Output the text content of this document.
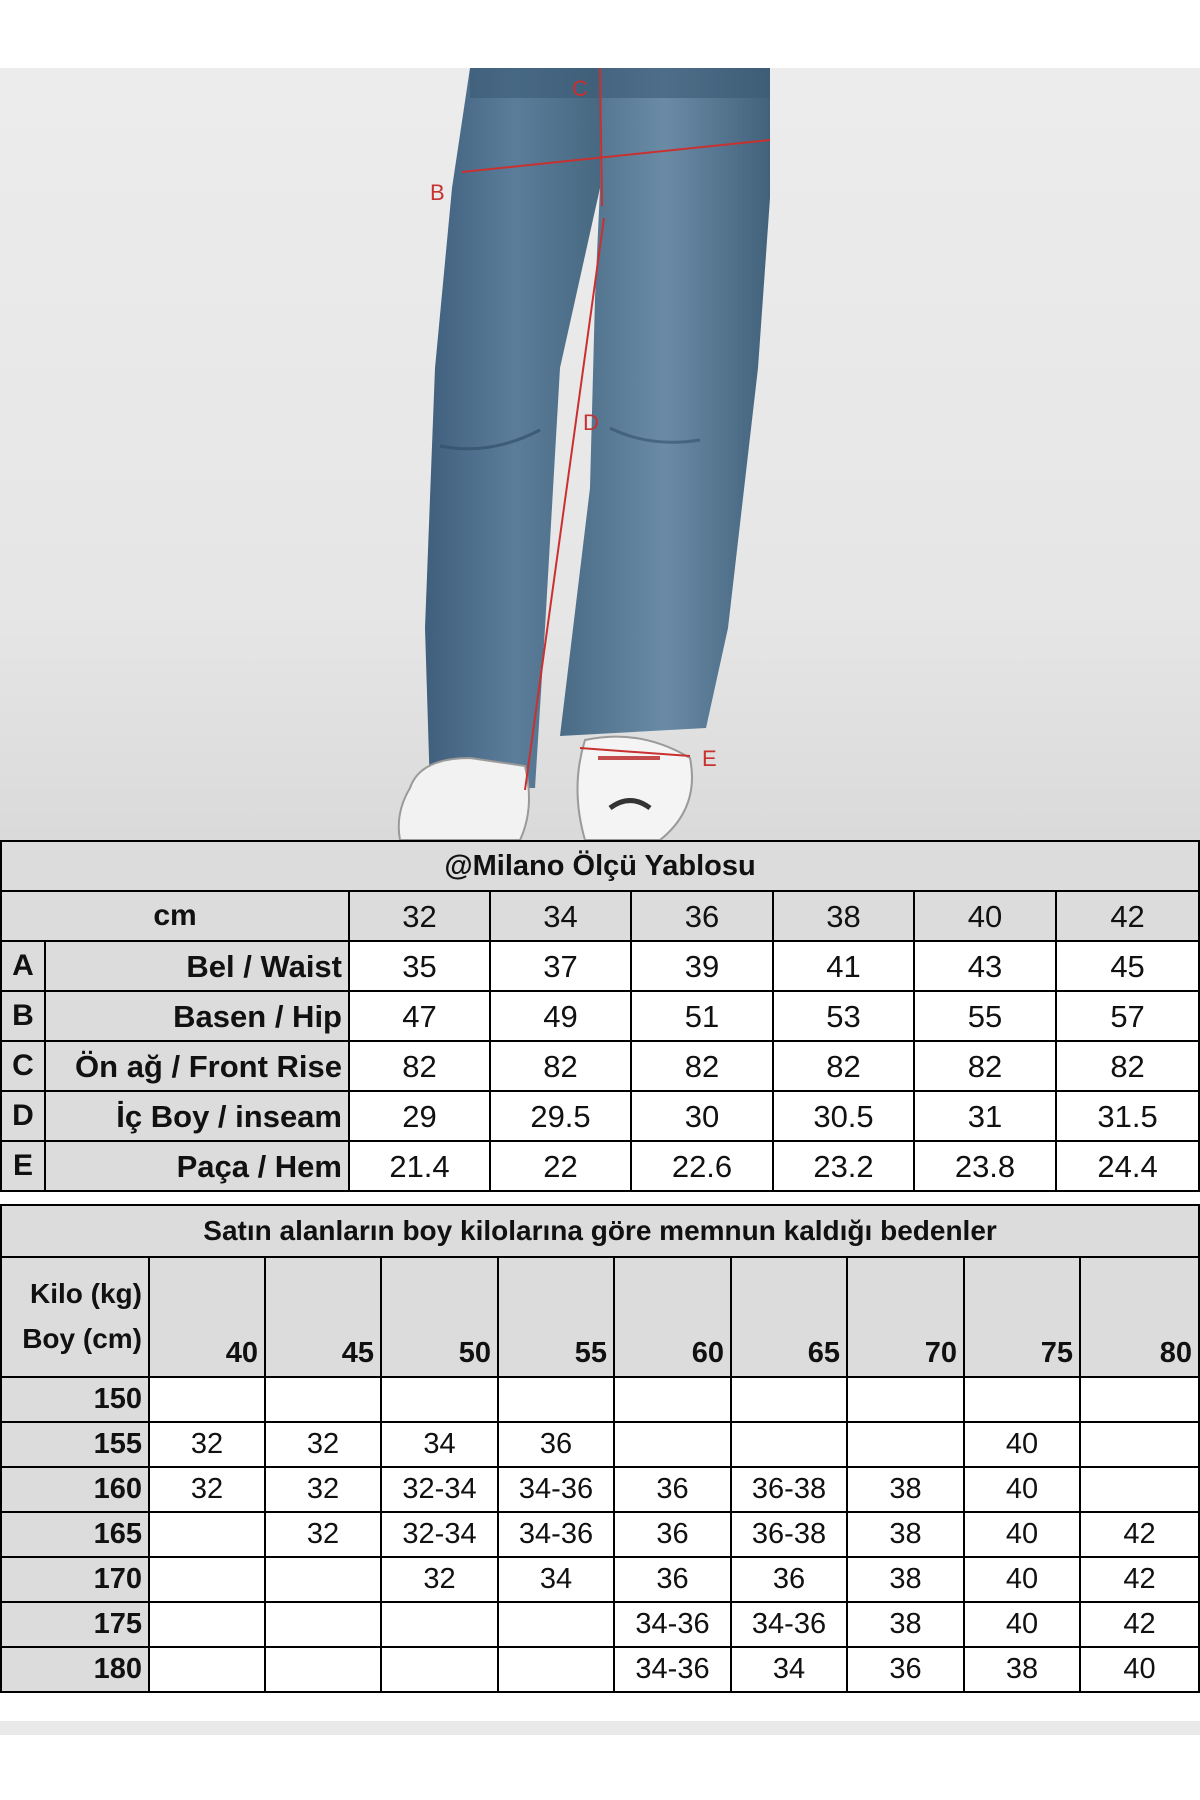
C
B
D
E
@Milano Ölçü Yablosu							
cm		32	34	36	38	40	42
A	Bel / Waist	35	37	39	41	43	45
B	Basen / Hip	47	49	51	53	55	57
C	Ön ağ / Front Rise	82	82	82	82	82	82
D	İç Boy / inseam	29	29.5	30	30.5	31	31.5
E	Paça / Hem	21.4	22	22.6	23.2	23.8	24.4
Satın alanların boy kilolarına göre memnun kaldığı bedenler									

Kilo (kg)
Boy (cm)	40	45	50	55	60	65	70	75	80
150									
155	32	32	34	36				40	
160	32	32	32-34	34-36	36	36-38	38	40	
165		32	32-34	34-36	36	36-38	38	40	42
170			32	34	36	36	38	40	42
175					34-36	34-36	38	40	42
180					34-36	34	36	38	40
